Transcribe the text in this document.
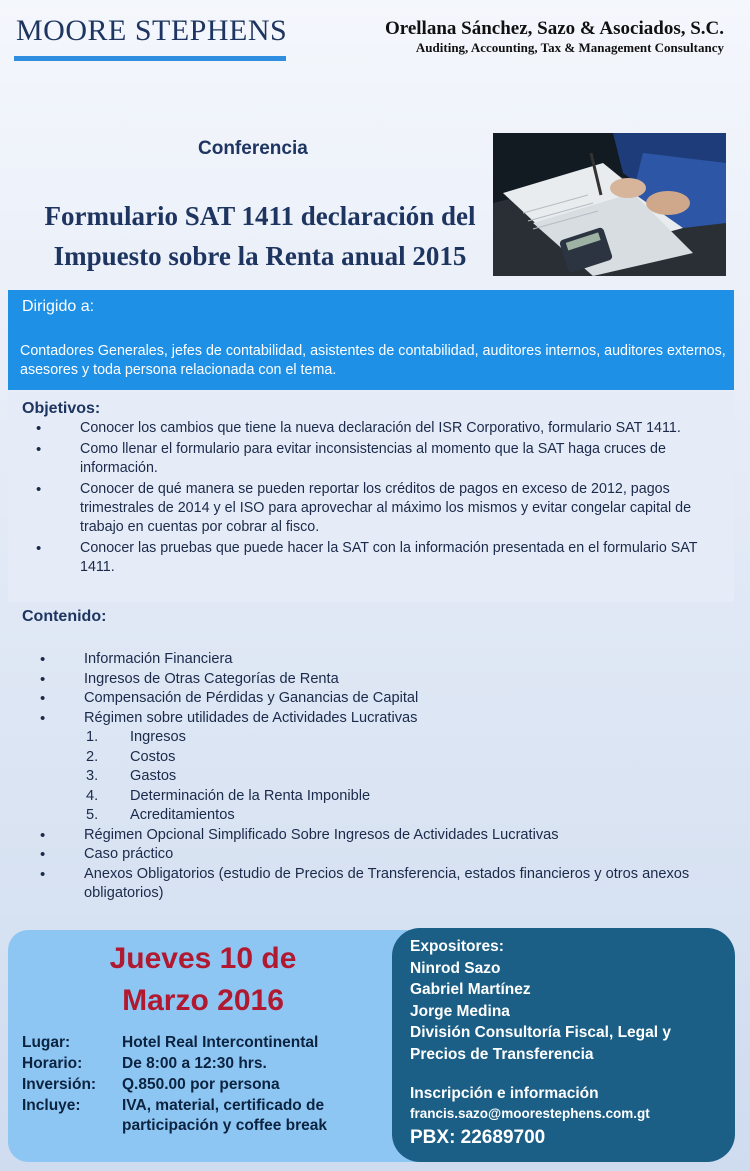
MOORE STEPHENS	Orellana Sánchez, Sazo & Asociados, S.C.
Auditing, Accounting, Tax & Management Consultancy
Conferencia
Formulario SAT 1411 declaración del
Impuesto sobre la Renta anual 2015
Dirigido a:
Contadores Generales, jefes de contabilidad, asistentes de contabilidad, auditores internos, auditores externos, asesores y toda persona relacionada con el tema.
Objetivos:
• Conocer los cambios que tiene la nueva declaración del ISR Corporativo, formulario SAT 1411.
• Como llenar el formulario para evitar inconsistencias al momento que la SAT haga cruces de información.
• Conocer de qué manera se pueden reportar los créditos de pagos en exceso de 2012, pagos trimestrales de 2014 y el ISO para aprovechar al máximo los mismos y evitar congelar capital de trabajo en cuentas por cobrar al fisco.
• Conocer las pruebas que puede hacer la SAT con la información presentada en el formulario SAT 1411.
Contenido:
• Información Financiera
• Ingresos de Otras Categorías de Renta
• Compensación de Pérdidas y Ganancias de Capital
• Régimen sobre utilidades de Actividades Lucrativas
1. Ingresos
2. Costos
3. Gastos
4. Determinación de la Renta Imponible
5. Acreditamientos
• Régimen Opcional Simplificado Sobre Ingresos de Actividades Lucrativas
• Caso práctico
• Anexos Obligatorios (estudio de Precios de Transferencia, estados financieros y otros anexos obligatorios)
Jueves 10 de
Marzo 2016
Lugar:	Hotel Real Intercontinental
Horario:	De 8:00 a 12:30 hrs.
Inversión: Q.850.00 por persona
Incluye:	IVA, material, certificado de participación y coffee break
Expositores:
Ninrod Sazo
Gabriel Martínez
Jorge Medina
División Consultoría Fiscal, Legal y Precios de Transferencia
Inscripción e información
francis.sazo@moorestephens.com.gt
PBX: 22689700
